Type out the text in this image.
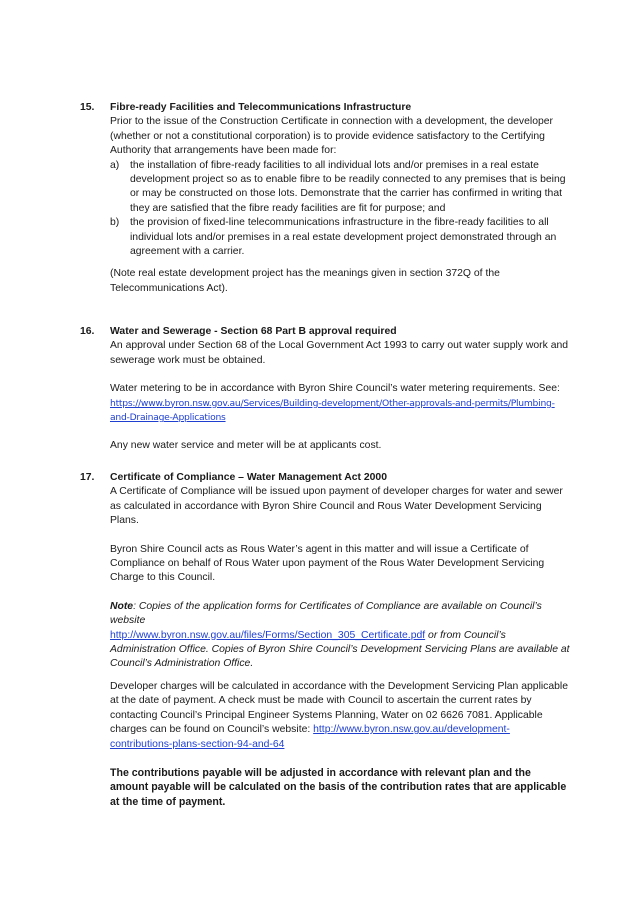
15. Fibre-ready Facilities and Telecommunications Infrastructure

Prior to the issue of the Construction Certificate in connection with a development, the developer (whether or not a constitutional corporation) is to provide evidence satisfactory to the Certifying Authority that arrangements have been made for:

a) the installation of fibre-ready facilities to all individual lots and/or premises in a real estate development project so as to enable fibre to be readily connected to any premises that is being or may be constructed on those lots. Demonstrate that the carrier has confirmed in writing that they are satisfied that the fibre ready facilities are fit for purpose; and

b) the provision of fixed-line telecommunications infrastructure in the fibre-ready facilities to all individual lots and/or premises in a real estate development project demonstrated through an agreement with a carrier.

(Note real estate development project has the meanings given in section 372Q of the Telecommunications Act).

16. Water and Sewerage - Section 68 Part B approval required

An approval under Section 68 of the Local Government Act 1993 to carry out water supply work and sewerage work must be obtained.

Water metering to be in accordance with Byron Shire Council’s water metering requirements. See: https://www.byron.nsw.gov.au/Services/Building-development/Other-approvals-and-permits/Plumbing-and-Drainage-Applications

Any new water service and meter will be at applicants cost.

17. Certificate of Compliance – Water Management Act 2000

A Certificate of Compliance will be issued upon payment of developer charges for water and sewer as calculated in accordance with Byron Shire Council and Rous Water Development Servicing Plans.

Byron Shire Council acts as Rous Water’s agent in this matter and will issue a Certificate of Compliance on behalf of Rous Water upon payment of the Rous Water Development Servicing Charge to this Council.

Note: Copies of the application forms for Certificates of Compliance are available on Council’s website
http://www.byron.nsw.gov.au/files/Forms/Section_305_Certificate.pdf or from Council’s Administration Office. Copies of Byron Shire Council’s Development Servicing Plans are available at Council’s Administration Office.

Developer charges will be calculated in accordance with the Development Servicing Plan applicable at the date of payment. A check must be made with Council to ascertain the current rates by contacting Council’s Principal Engineer Systems Planning, Water on 02 6626 7081. Applicable charges can be found on Council’s website: http://www.byron.nsw.gov.au/development-contributions-plans-section-94-and-64

The contributions payable will be adjusted in accordance with relevant plan and the amount payable will be calculated on the basis of the contribution rates that are applicable at the time of payment.
